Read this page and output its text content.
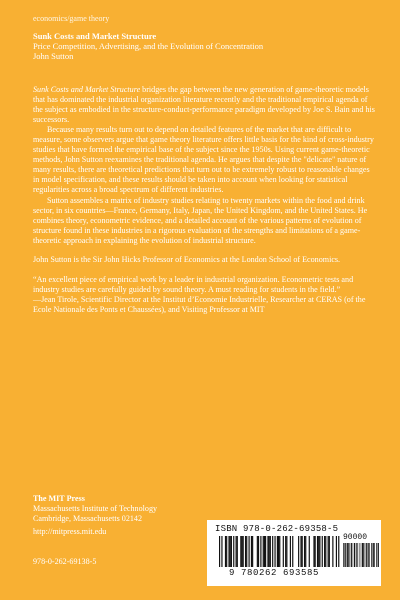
economics/game theory
Sunk Costs and Market Structure
Price Competition, Advertising, and the Evolution of Concentration
John Sutton

Sunk Costs and Market Structure bridges the gap between the new generation of game-theoretic models that has dominated the industrial organization literature recently and the traditional empirical agenda of the subject as embodied in the structure-conduct-performance paradigm developed by Joe S. Bain and his successors.

Because many results turn out to depend on detailed features of the market that are difficult to measure, some observers argue that game theory literature offers little basis for the kind of cross-industry studies that have formed the empirical base of the subject since the 1950s. Using current game-theoretic methods, John Sutton reexamines the traditional agenda. He argues that despite the "delicate" nature of many results, there are theoretical predictions that turn out to be extremely robust to reasonable changes in model specification, and these results should be taken into account when looking for statistical regularities across a broad spectrum of different industries.

Sutton assembles a matrix of industry studies relating to twenty markets within the food and drink sector, in six countries—France, Germany, Italy, Japan, the United Kingdom, and the United States. He combines theory, econometric evidence, and a detailed account of the various patterns of evolution of structure found in these industries in a rigorous evaluation of the strengths and limitations of a game-theoretic approach in explaining the evolution of industrial structure.

John Sutton is the Sir John Hicks Professor of Economics at the London School of Economics.

“An excellent piece of empirical work by a leader in industrial organization. Econometric tests and industry studies are carefully guided by sound theory. A must reading for students in the field.”

—Jean Tirole, Scientific Director at the Institut d’Economie Industrielle, Researcher at CERAS (of the Ecole Nationale des Ponts et Chaussées), and Visiting Professor at MIT

The MIT Press
Massachusetts Institute of Technology
Cambridge, Massachusetts 02142
http://mitpress.mit.edu
978-0-262-69138-5
ISBN 978-0-262-69358-5
90000
9 780262 693585
